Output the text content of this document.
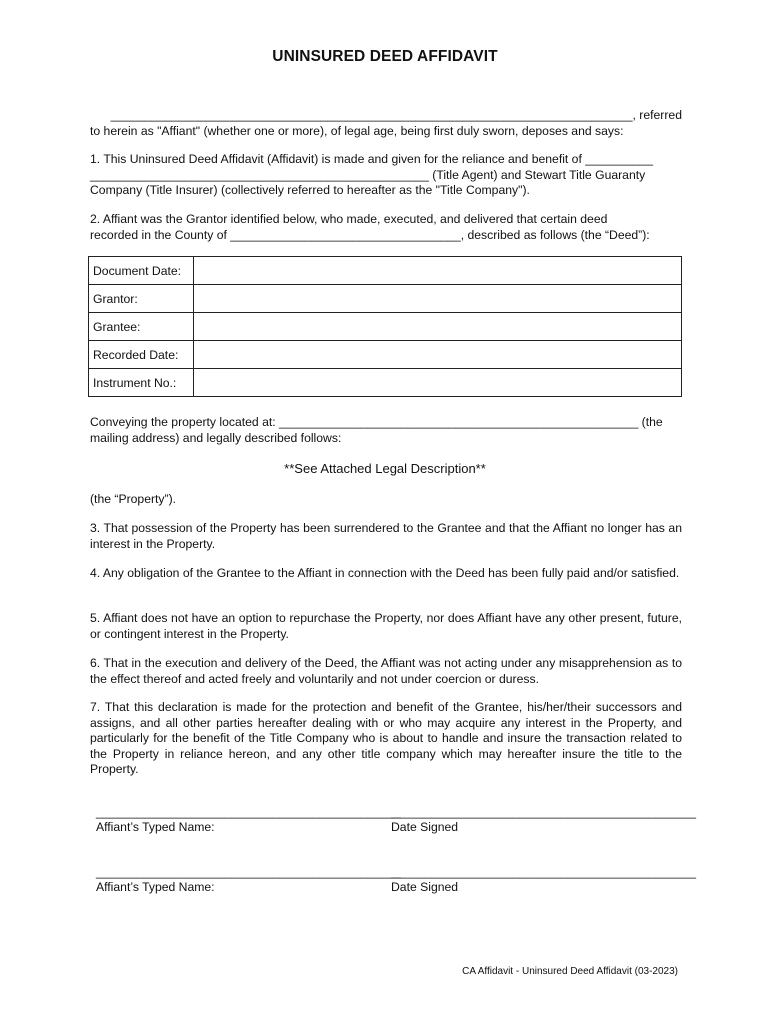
UNINSURED DEED AFFIDAVIT
_____________________________________________________________________________, referred
to herein as "Affiant" (whether one or more), of legal age, being first duly sworn, deposes and says:
1. This Uninsured Deed Affidavit (Affidavit) is made and given for the reliance and benefit of __________
__________________________________________________ (Title Agent) and Stewart Title Guaranty
Company (Title Insurer) (collectively referred to hereafter as the "Title Company").
2. Affiant was the Grantor identified below, who made, executed, and delivered that certain deed
recorded in the County of __________________________________, described as follows (the “Deed”):
Document Date:	
Grantor:	
Grantee:	
Recorded Date:	
Instrument No.:	
Conveying the property located at: _____________________________________________________ (the
mailing address) and legally described follows:
**See Attached Legal Description**
(the “Property”).
3. That possession of the Property has been surrendered to the Grantee and that the Affiant no longer has an interest in the Property.
4. Any obligation of the Grantee to the Affiant in connection with the Deed has been fully paid and/or satisfied.
5. Affiant does not have an option to repurchase the Property, nor does Affiant have any other present, future, or contingent interest in the Property.
6. That in the execution and delivery of the Deed, the Affiant was not acting under any misapprehension as to the effect thereof and acted freely and voluntarily and not under coercion or duress.
7. That this declaration is made for the protection and benefit of the Grantee, his/her/their successors and assigns, and all other parties hereafter dealing with or who may acquire any interest in the Property, and particularly for the benefit of the Title Company who is about to handle and insure the transaction related to the Property in reliance hereon, and any other title company which may hereafter insure the title to the Property.
_____________________________________________
Affiant’s Typed Name:
_____________________________________________
Date Signed
_____________________________________________
Affiant’s Typed Name:
_____________________________________________
Date Signed
CA Affidavit - Uninsured Deed Affidavit (03-2023)
